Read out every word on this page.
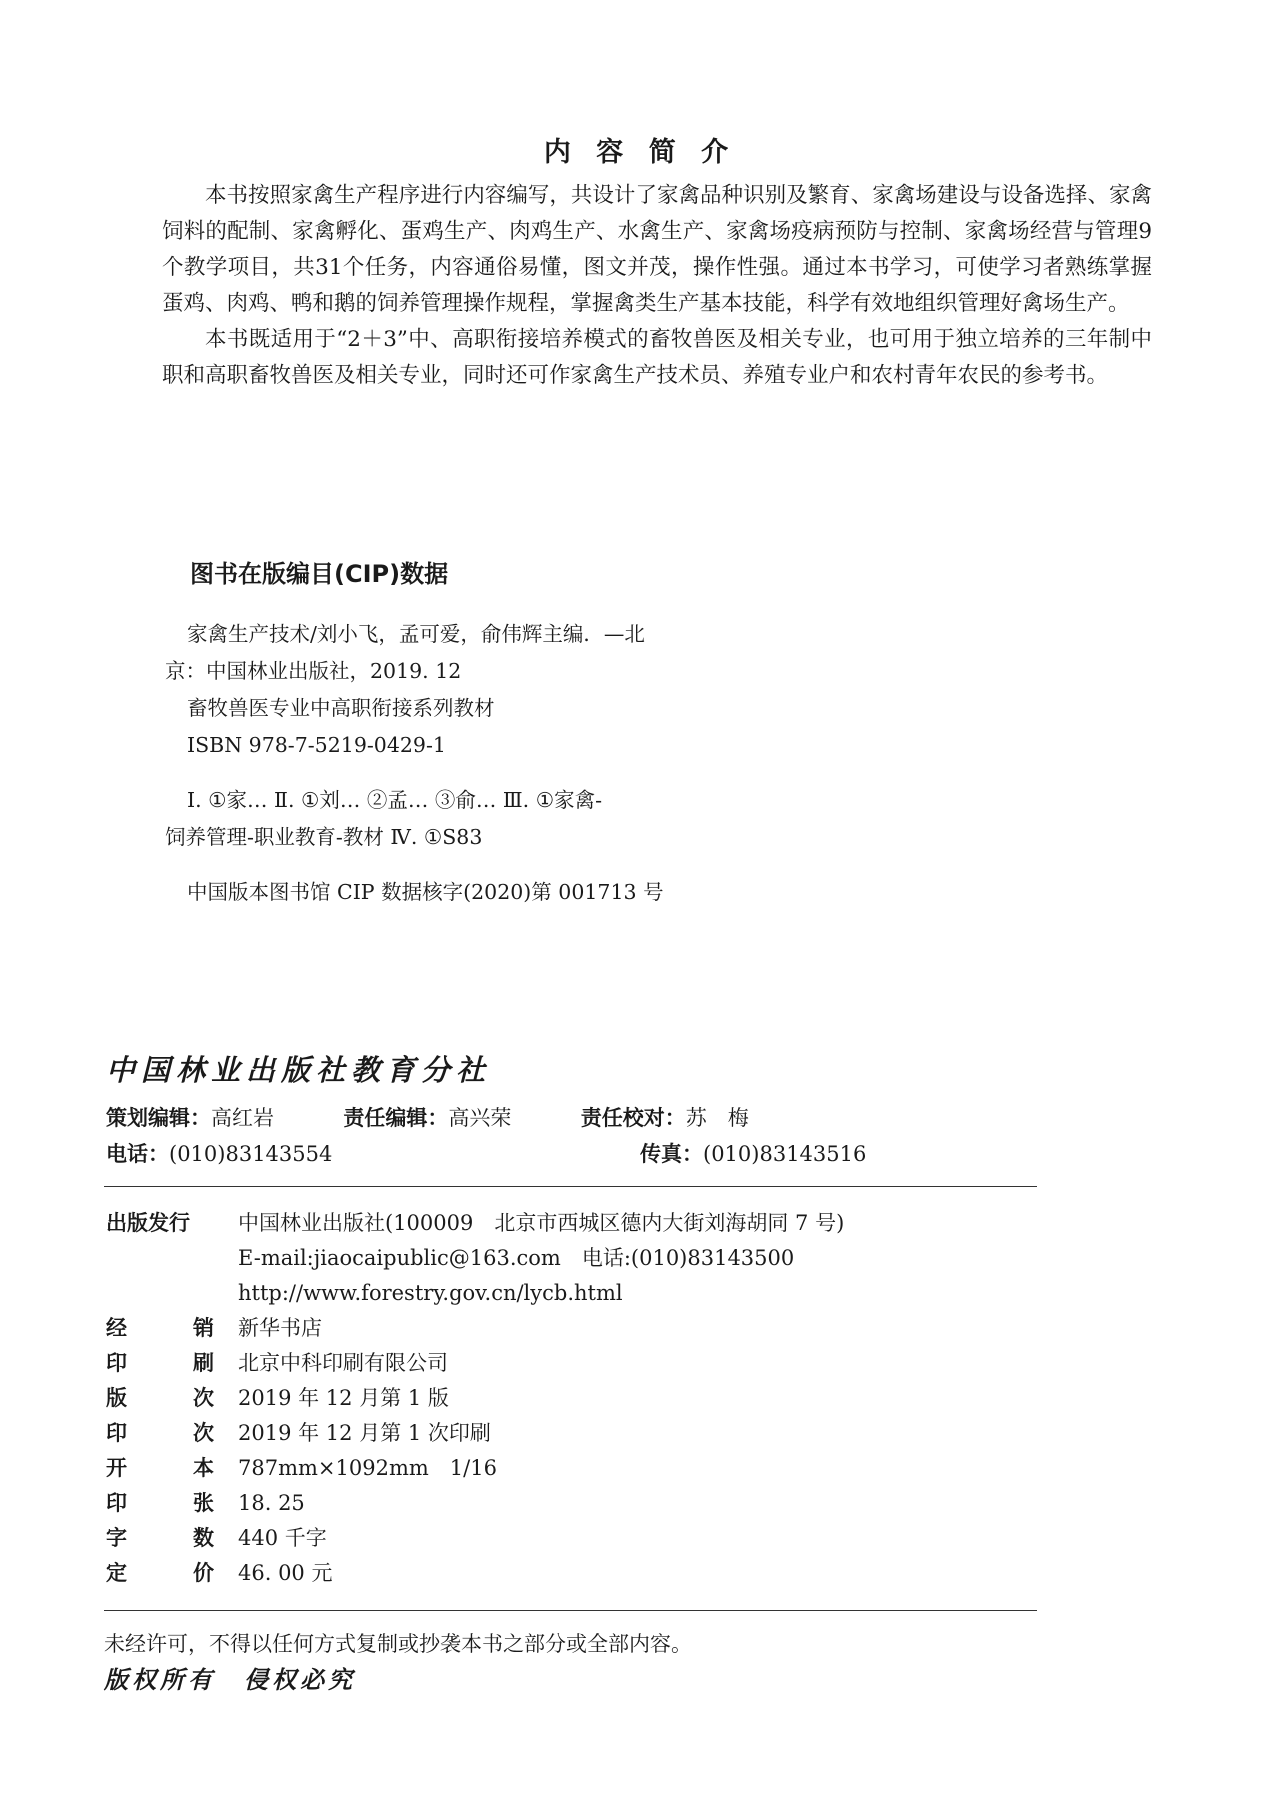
内 容 简 介

本书按照家禽生产程序进行内容编写，共设计了家禽品种识别及繁育、家禽场建设与设备选择、家禽饲料的配制、家禽孵化、蛋鸡生产、肉鸡生产、水禽生产、家禽场疫病预防与控制、家禽场经营与管理9个教学项目，共31个任务，内容通俗易懂，图文并茂，操作性强。通过本书学习，可使学习者熟练掌握蛋鸡、肉鸡、鸭和鹅的饲养管理操作规程，掌握禽类生产基本技能，科学有效地组织管理好禽场生产。

本书既适用于“2＋3”中、高职衔接培养模式的畜牧兽医及相关专业，也可用于独立培养的三年制中职和高职畜牧兽医及相关专业，同时还可作家禽生产技术员、养殖专业户和农村青年农民的参考书。

图书在版编目(CIP)数据
家禽生产技术/刘小飞，孟可爱，俞伟辉主编．—北
京：中国林业出版社，2019. 12
畜牧兽医专业中高职衔接系列教材
ISBN 978-7-5219-0429-1
Ⅰ. ①家… Ⅱ. ①刘… ②孟… ③俞… Ⅲ. ①家禽-
饲养管理-职业教育-教材 Ⅳ. ①S83
中国版本图书馆 CIP 数据核字(2020)第 001713 号
中国林业出版社教育分社
策划编辑：高红岩	责任编辑：高兴荣	责任校对：苏　梅
电话：(010)83143554	传真：(010)83143516
出版发行	中国林业出版社(100009　北京市西城区德内大街刘海胡同 7 号)
E-mail:jiaocaipublic@163.com　电话:(010)83143500
http://www.forestry.gov.cn/lycb.html
经	销 新华书店
印	刷 北京中科印刷有限公司
版	次 2019 年 12 月第 1 版
印	次 2019 年 12 月第 1 次印刷
开	本 787mm×1092mm　1/16
印	张 18. 25
字	数 440 千字
定	价 46. 00 元
未经许可，不得以任何方式复制或抄袭本书之部分或全部内容。
版权所有　侵权必究
